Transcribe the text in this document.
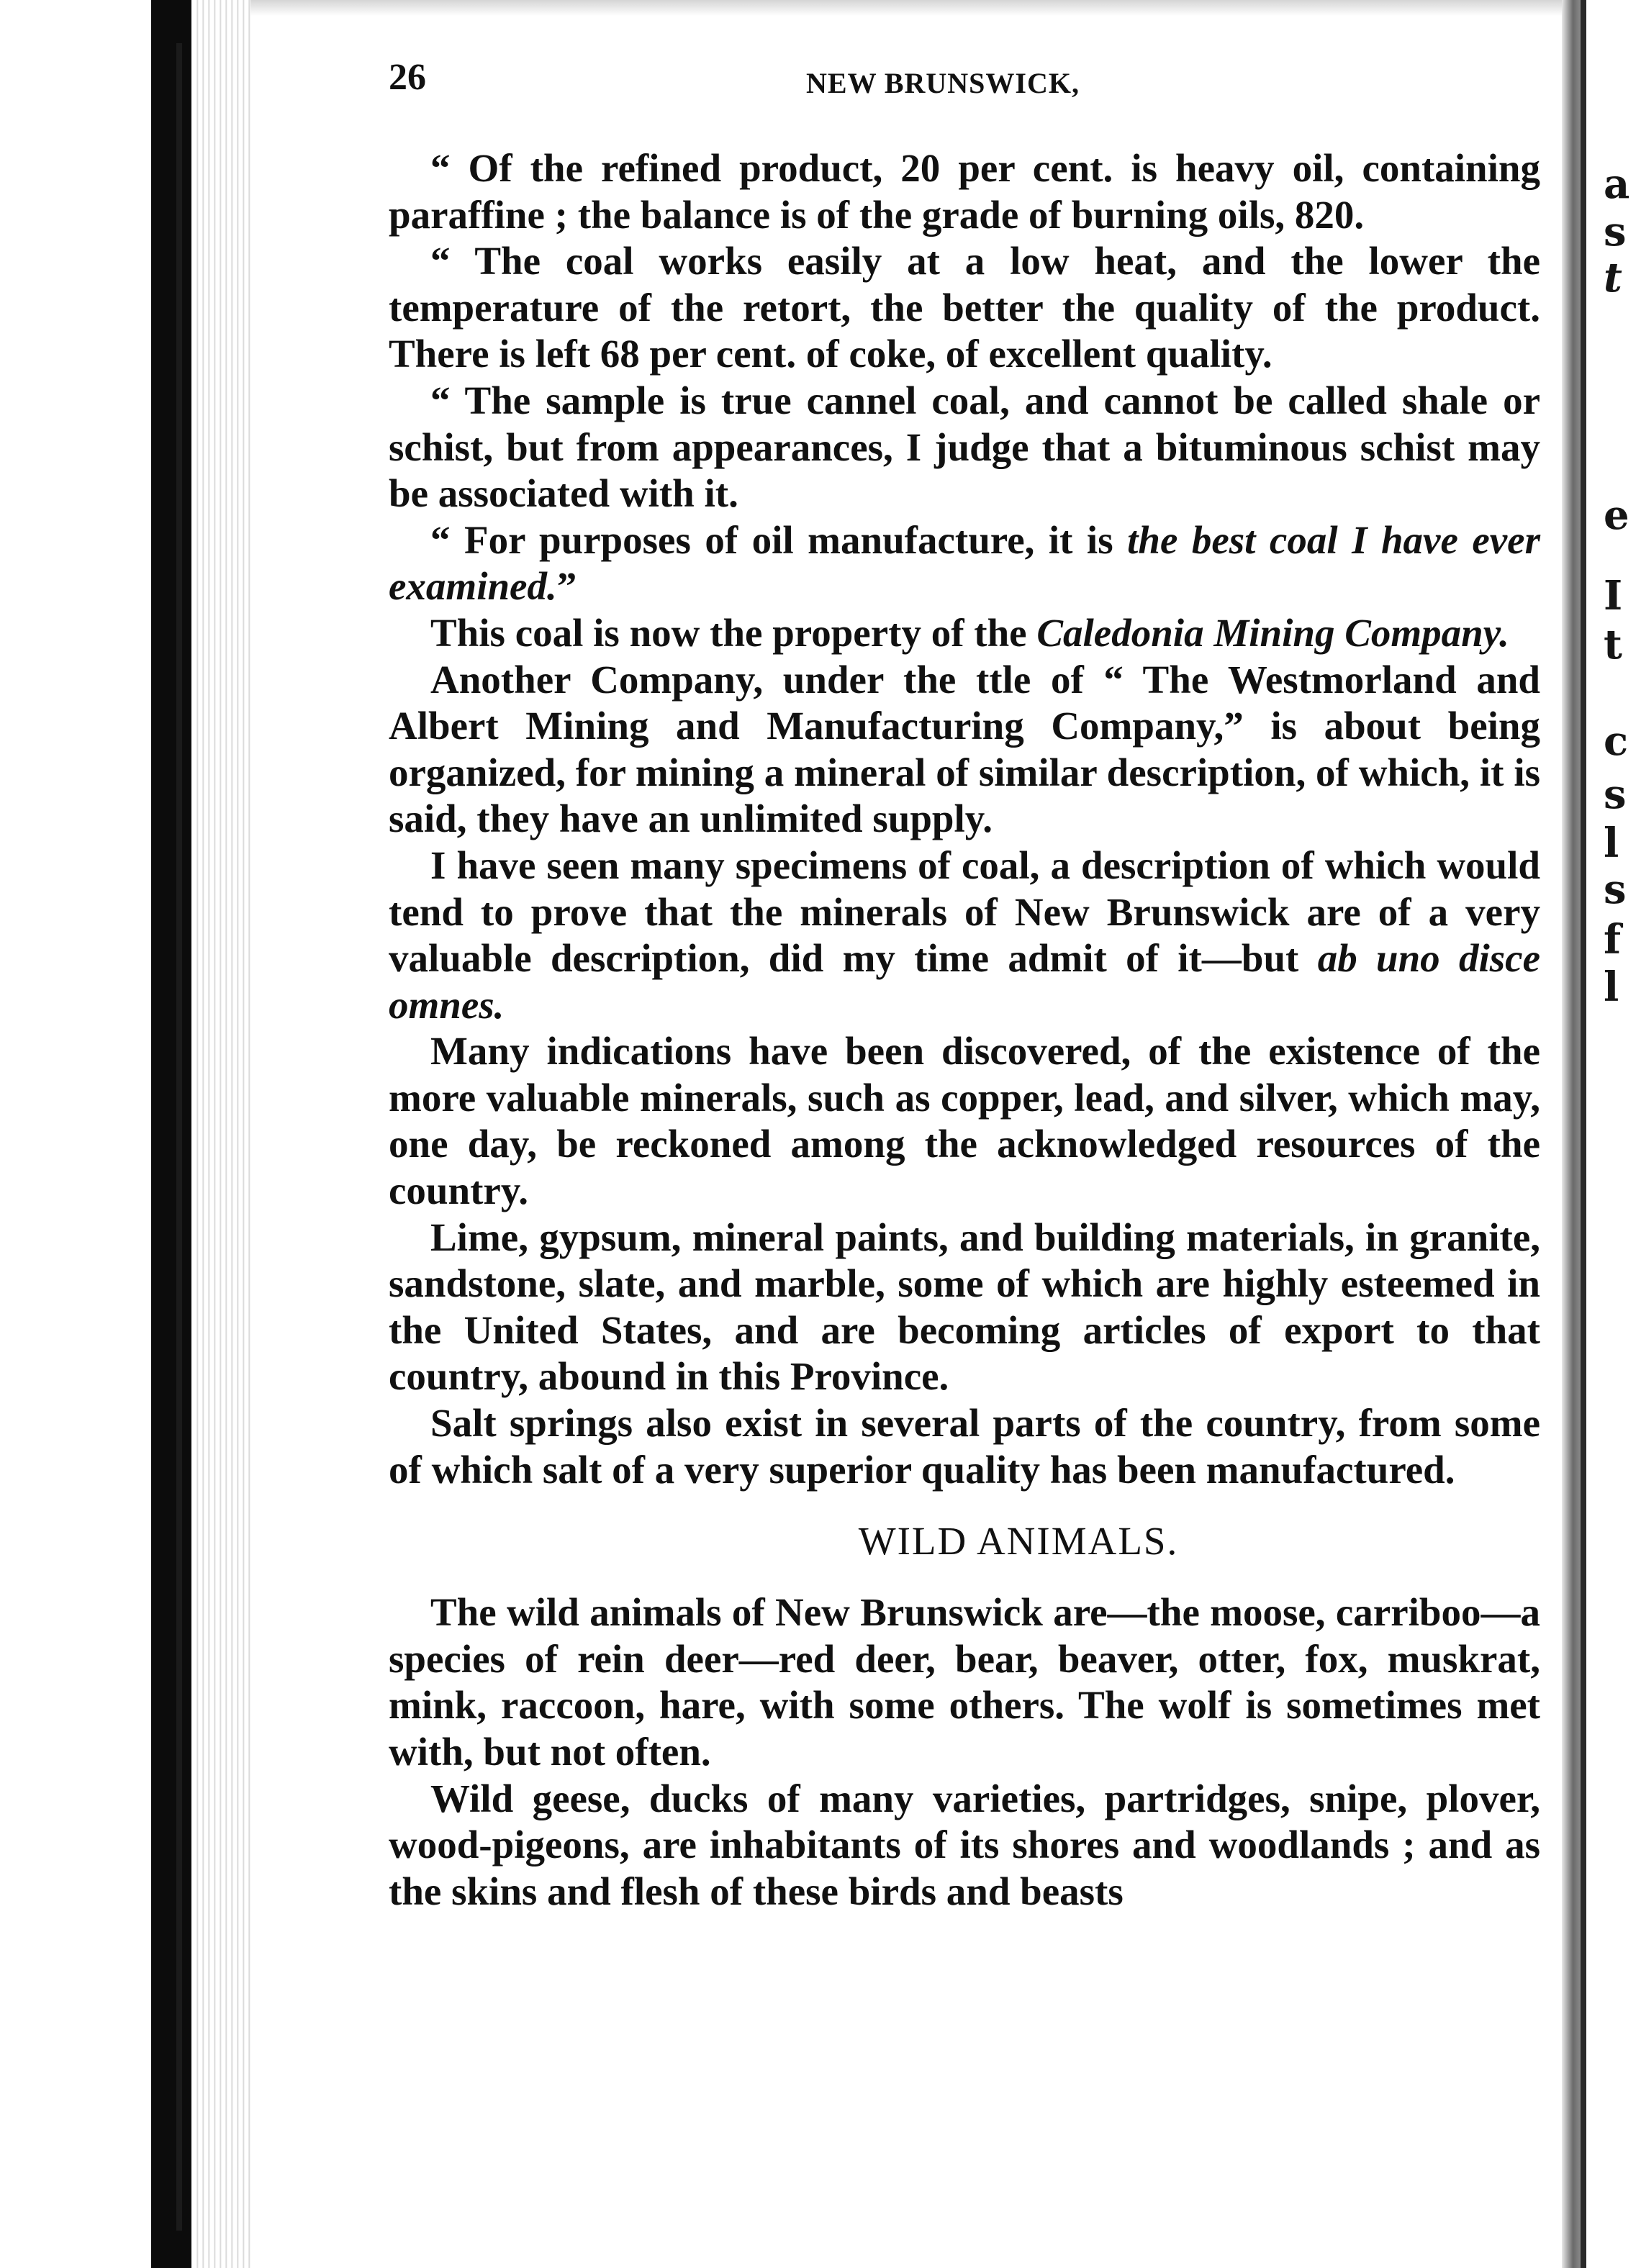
a
s
t
e
I
t
c
s
l
s
f
l
26	NEW BRUNSWICK,

“ Of the refined product, 20 per cent. is heavy oil, containing paraffine ; the balance is of the grade of burning oils, 820.

“ The coal works easily at a low heat, and the lower the temperature of the retort, the better the quality of the product. There is left 68 per cent. of coke, of excellent quality.

“ The sample is true cannel coal, and cannot be called shale or schist, but from appearances, I judge that a bituminous schist may be associated with it.

“ For purposes of oil manufacture, it is the best coal I have ever examined.”

This coal is now the property of the Caledonia Mining Company.

Another Company, under the ttle of “ The Westmorland and Albert Mining and Manufacturing Company,” is about being organized, for mining a mineral of similar description, of which, it is said, they have an unlimited supply.

I have seen many specimens of coal, a description of which would tend to prove that the minerals of New Brunswick are of a very valuable description, did my time admit of it—but ab uno disce omnes.

Many indications have been discovered, of the existence of the more valuable minerals, such as copper, lead, and silver, which may, one day, be reckoned among the acknowledged resources of the country.

Lime, gypsum, mineral paints, and building materials, in granite, sandstone, slate, and marble, some of which are highly esteemed in the United States, and are becoming articles of export to that country, abound in this Province.

Salt springs also exist in several parts of the country, from some of which salt of a very superior quality has been manufactured.

WILD ANIMALS.

The wild animals of New Brunswick are—the moose, carriboo—a species of rein deer—red deer, bear, beaver, otter, fox, muskrat, mink, raccoon, hare, with some others. The wolf is sometimes met with, but not often.

Wild geese, ducks of many varieties, partridges, snipe, plover, wood-pigeons, are inhabitants of its shores and woodlands ; and as the skins and flesh of these birds and beasts
